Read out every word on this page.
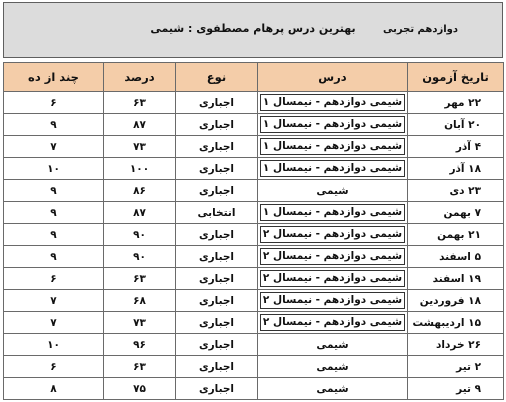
دوازدهم تجربی
بهترین درس پرهام مصطفوی : شیمی
تاریخ آزمون	درس	نوع	درصد	چند از ده
۲۲ مهر	شیمی دوازدهم - نیمسال ۱	اجباری	۶۳	۶
۲۰ آبان	شیمی دوازدهم - نیمسال ۱	اجباری	۸۷	۹
۴ آذر	شیمی دوازدهم - نیمسال ۱	اجباری	۷۳	۷
۱۸ آذر	شیمی دوازدهم - نیمسال ۱	اجباری	۱۰۰	۱۰
۲۳ دی	شیمی	اجباری	۸۶	۹
۷ بهمن	شیمی دوازدهم - نیمسال ۱	انتخابی	۸۷	۹
۲۱ بهمن	شیمی دوازدهم - نیمسال ۲	اجباری	۹۰	۹
۵ اسفند	شیمی دوازدهم - نیمسال ۲	اجباری	۹۰	۹
۱۹ اسفند	شیمی دوازدهم - نیمسال ۲	اجباری	۶۳	۶
۱۸ فروردین	شیمی دوازدهم - نیمسال ۲	اجباری	۶۸	۷
۱۵ اردیبهشت	شیمی دوازدهم - نیمسال ۲	اجباری	۷۳	۷
۲۶ خرداد	شیمی	اجباری	۹۶	۱۰
۲ تیر	شیمی	اجباری	۶۳	۶
۹ تیر	شیمی	اجباری	۷۵	۸
